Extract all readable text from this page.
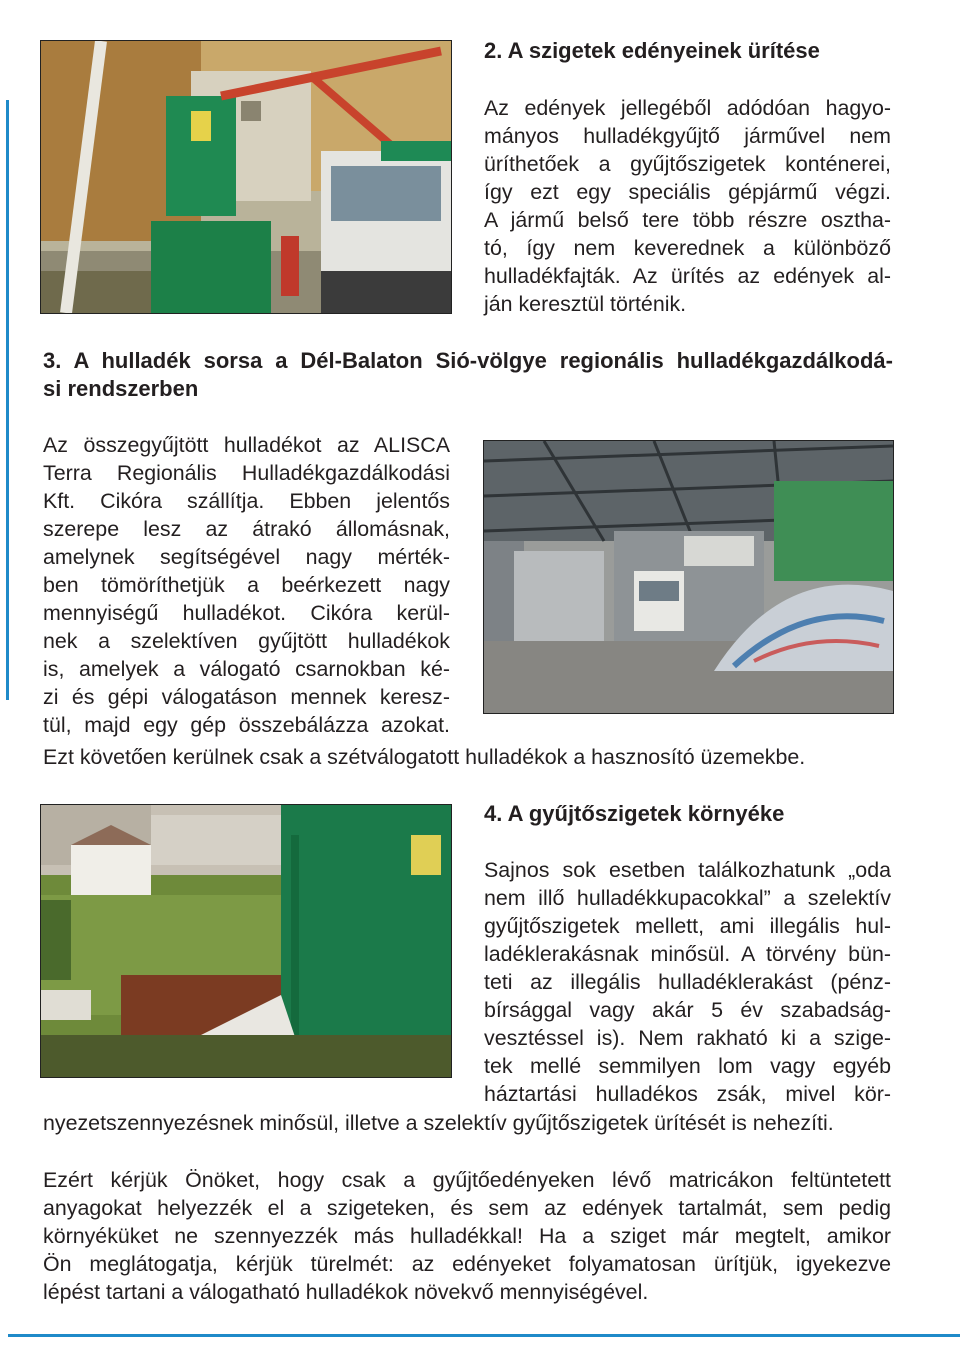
2. A szigetek edényeinek ürítése
Az edények jellegéből adódóan hagyo-
mányos hulladékgyűjtő járművel nem
üríthetőek a gyűjtőszigetek konténerei,
így ezt egy speciális gépjármű végzi.
A jármű belső tere több részre osztha-
tó, így nem keverednek a különböző
hulladékfajták. Az ürítés az edények al-
ján keresztül történik.
3. A hulladék sorsa a Dél-Balaton Sió-völgye regionális hulladékgazdálkodá-
si rendszerben
Az összegyűjtött hulladékot az ALISCA
Terra Regionális Hulladékgazdálkodási
Kft. Cikóra szállítja. Ebben jelentős
szerepe lesz az átrakó állomásnak,
amelynek segítségével nagy mérték-
ben tömöríthetjük a beérkezett nagy
mennyiségű hulladékot. Cikóra kerül-
nek a szelektíven gyűjtött hulladékok
is, amelyek a válogató csarnokban ké-
zi és gépi válogatáson mennek keresz-
tül, majd egy gép összebálázza azokat.
Ezt követően kerülnek csak a szétválogatott hulladékok a hasznosító üzemekbe.
4. A gyűjtőszigetek környéke
Sajnos sok esetben találkozhatunk „oda
nem illő hulladékkupacokkal” a szelektív
gyűjtőszigetek mellett, ami illegális hul-
ladéklerakásnak minősül. A törvény bün-
teti az illegális hulladéklerakást (pénz-
bírsággal vagy akár 5 év szabadság-
vesztéssel is). Nem rakható ki a szige-
tek mellé semmilyen lom vagy egyéb
háztartási hulladékos zsák, mivel kör-
nyezetszennyezésnek minősül, illetve a szelektív gyűjtőszigetek ürítését is nehezíti.
Ezért kérjük Önöket, hogy csak a gyűjtőedényeken lévő matricákon feltüntetett
anyagokat helyezzék el a szigeteken, és sem az edények tartalmát, sem pedig
környéküket ne szennyezzék más hulladékkal! Ha a sziget már megtelt, amikor
Ön meglátogatja, kérjük türelmét: az edényeket folyamatosan ürítjük, igyekezve
lépést tartani a válogatható hulladékok növekvő mennyiségével.
